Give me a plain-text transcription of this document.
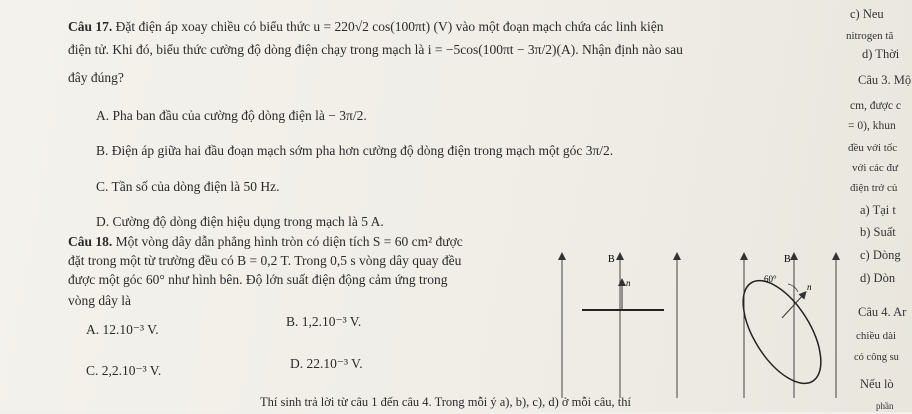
Câu 17. Đặt điện áp xoay chiều có biểu thức u = 220√2 cos(100πt) (V) vào một đoạn mạch chứa các linh kiện
điện tử. Khi đó, biểu thức cường độ dòng điện chạy trong mạch là i = −5cos(100πt − 3π/2)(A). Nhận định nào sau
đây đúng?
A. Pha ban đầu của cường độ dòng điện là − 3π/2.
B. Điện áp giữa hai đầu đoạn mạch sớm pha hơn cường độ dòng điện trong mạch một góc 3π/2.
C. Tần số của dòng điện là 50 Hz.
D. Cường độ dòng điện hiệu dụng trong mạch là 5 A.
Câu 18. Một vòng dây dẫn phẳng hình tròn có diện tích S = 60 cm² được
đặt trong một từ trường đều có B = 0,2 T. Trong 0,5 s vòng dây quay đều
được một góc 60° như hình bên. Độ lớn suất điện động cảm ứng trong
vòng dây là
A. 12.10⁻³ V.
B. 1,2.10⁻³ V.
C. 2,2.10⁻³ V.	D. 22.10⁻³ V.
B
n
B
n
60°
Thí sinh trả lời từ câu 1 đến câu 4. Trong mỗi ý a), b), c), d) ở mỗi câu, thí
c) Neu
nitrogen tă
d) Thời
Câu 3. Mộ
cm, được c
= 0), khun
đều với tốc
với các đư
điện trở củ
a) Tại t
b) Suất
c) Dòng
d) Dòn
Câu 4. Ar
chiều dài
có công su
Nếu lò
phần
